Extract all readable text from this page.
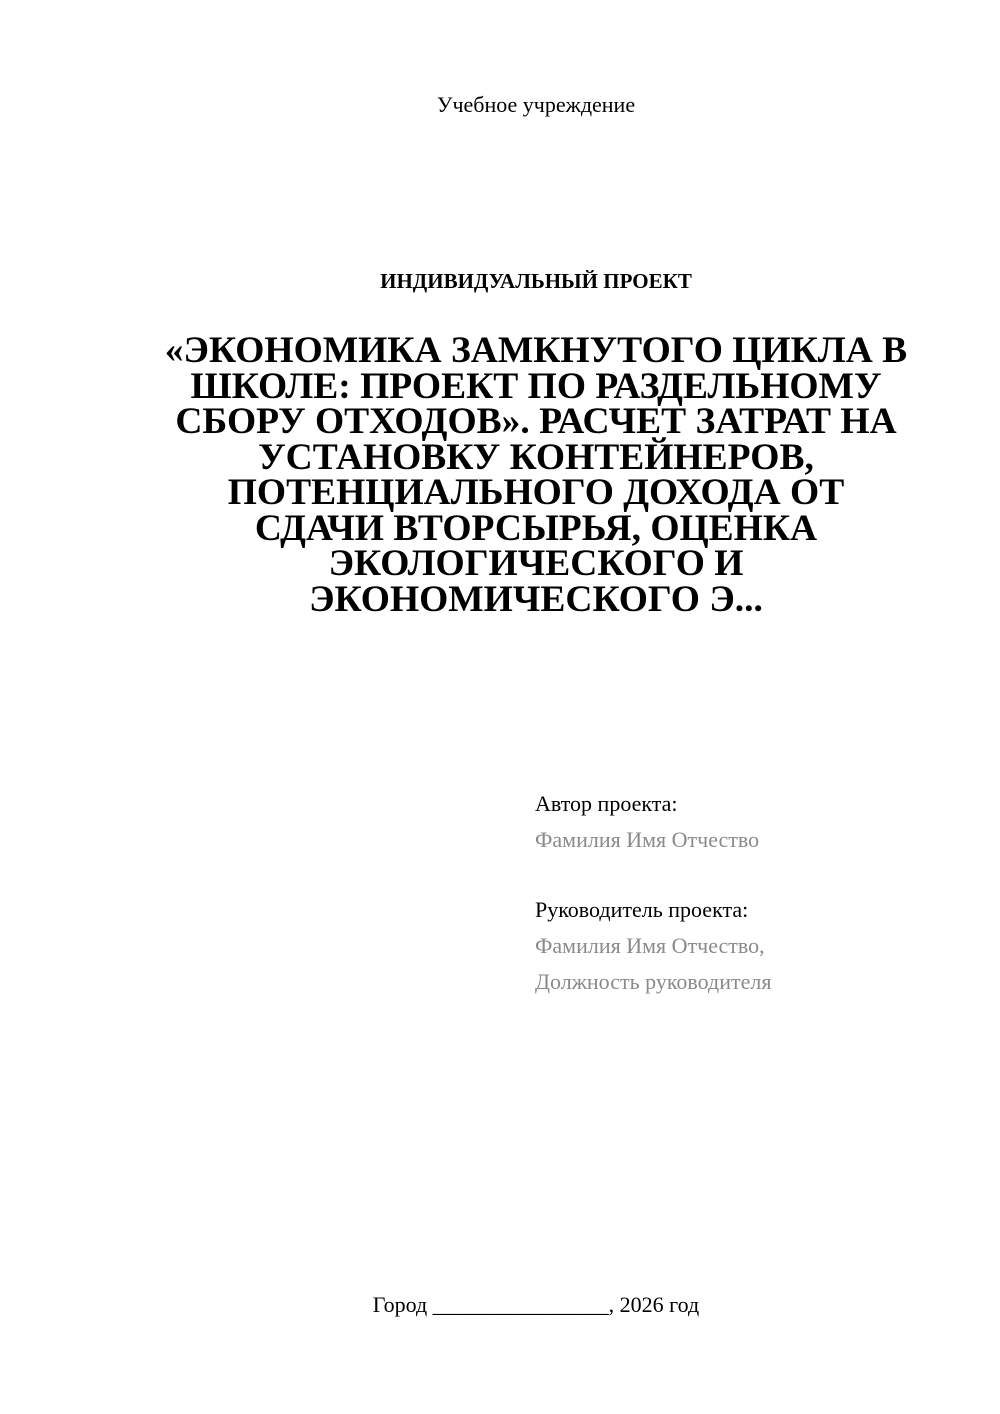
Учебное учреждение
ИНДИВИДУАЛЬНЫЙ ПРОЕКТ
«ЭКОНОМИКА ЗАМКНУТОГО ЦИКЛА В
ШКОЛЕ: ПРОЕКТ ПО РАЗДЕЛЬНОМУ
СБОРУ ОТХОДОВ». РАСЧЕТ ЗАТРАТ НА
УСТАНОВКУ КОНТЕЙНЕРОВ,
ПОТЕНЦИАЛЬНОГО ДОХОДА ОТ
СДАЧИ ВТОРСЫРЬЯ, ОЦЕНКА
ЭКОЛОГИЧЕСКОГО И
ЭКОНОМИЧЕСКОГО Э...
Автор проекта:
Фамилия Имя Отчество
Руководитель проекта:
Фамилия Имя Отчество,
Должность руководителя
Город ________________, 2026 год
